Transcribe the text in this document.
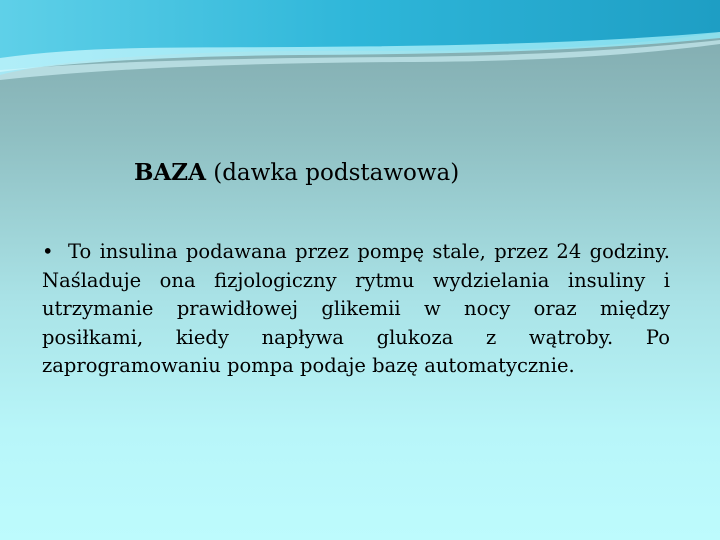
BAZA (dawka podstawowa)
• To insulina podawana przez pompę stale, przez 24 godziny. Naśladuje ona fizjologiczny rytmu wydzielania insuliny i utrzymanie prawidłowej glikemii w nocy oraz między posiłkami, kiedy napływa glukoza z wątroby. Po zaprogramowaniu pompa podaje bazę automatycznie.
